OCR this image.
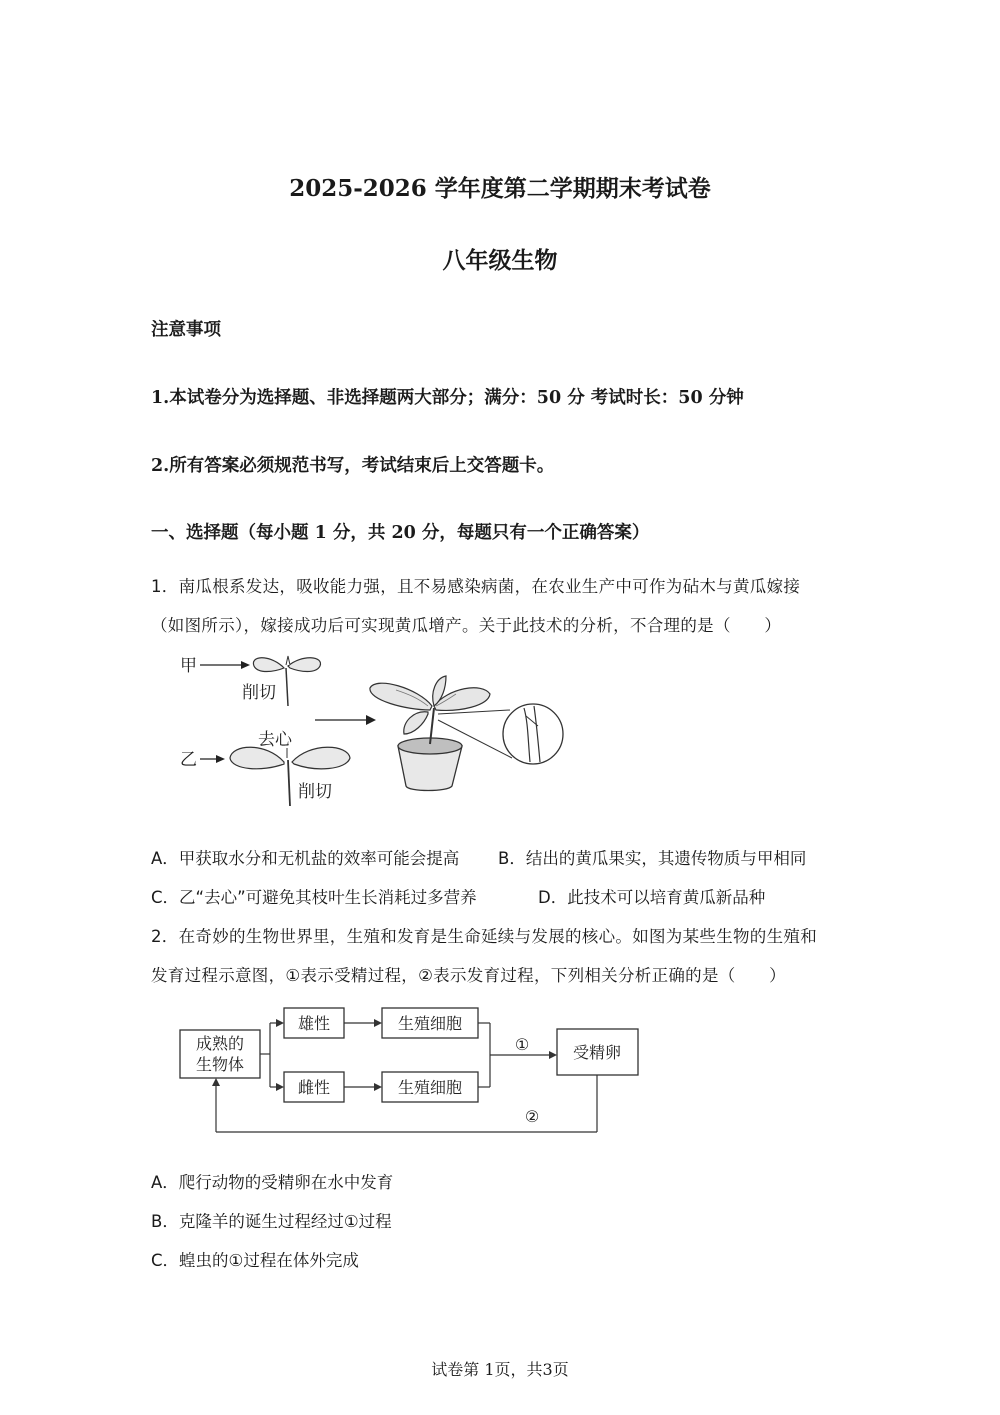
2025-2026 学年度第二学期期末考试卷
八年级生物
注意事项
1.本试卷分为选择题、非选择题两大部分；满分：50 分 考试时长：50 分钟
2.所有答案必须规范书写，考试结束后上交答题卡。
一、选择题（每小题 1 分，共 20 分，每题只有一个正确答案）
1．南瓜根系发达，吸收能力强，且不易感染病菌，在农业生产中可作为砧木与黄瓜嫁接
（如图所示），嫁接成功后可实现黄瓜增产。关于此技术的分析，不合理的是（　　）
甲
削切
去心
乙
削切
A．甲获取水分和无机盐的效率可能会提高 B．结出的黄瓜果实，其遗传物质与甲相同
C．乙“去心”可避免其枝叶生长消耗过多营养	D．此技术可以培育黄瓜新品种
2．在奇妙的生物世界里，生殖和发育是生命延续与发展的核心。如图为某些生物的生殖和
发育过程示意图，①表示受精过程，②表示发育过程，下列相关分析正确的是（　　）
成熟的
生物体
雄性
雌性
生殖细胞
生殖细胞
受精卵
①
②
A．爬行动物的受精卵在水中发育
B．克隆羊的诞生过程经过①过程
C．蝗虫的①过程在体外完成
试卷第 1页，共3页
